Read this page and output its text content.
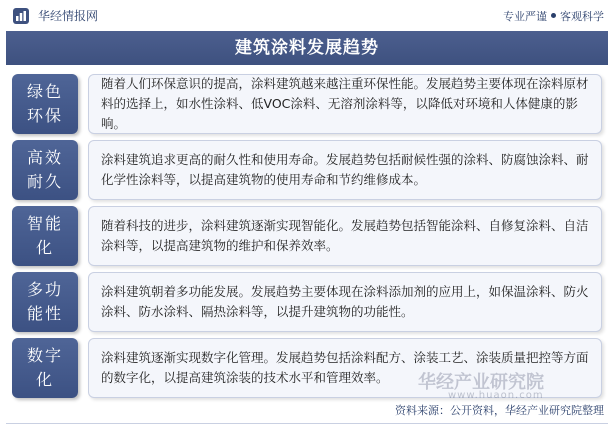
华经情报网	专业严谨 客观科学
建筑涂料发展趋势
绿色环保
随着人们环保意识的提高，涂料建筑越来越注重环保性能。发展趋势主要体现在涂料原材料的选择上，如水性涂料、低VOC涂料、无溶剂涂料等，以降低对环境和人体健康的影响。
高效耐久
涂料建筑追求更高的耐久性和使用寿命。发展趋势包括耐候性强的涂料、防腐蚀涂料、耐化学性涂料等，以提高建筑物的使用寿命和节约维修成本。
智能化
随着科技的进步，涂料建筑逐渐实现智能化。发展趋势包括智能涂料、自修复涂料、自洁涂料等，以提高建筑物的维护和保养效率。
多功能性
涂料建筑朝着多功能发展。发展趋势主要体现在涂料添加剂的应用上，如保温涂料、防火涂料、防水涂料、隔热涂料等，以提升建筑物的功能性。
数字化
涂料建筑逐渐实现数字化管理。发展趋势包括涂料配方、涂装工艺、涂装质量把控等方面的数字化，以提高建筑涂装的技术水平和管理效率。	华经产业研究院
www.huaon.com
资料来源：公开资料，华经产业研究院整理
